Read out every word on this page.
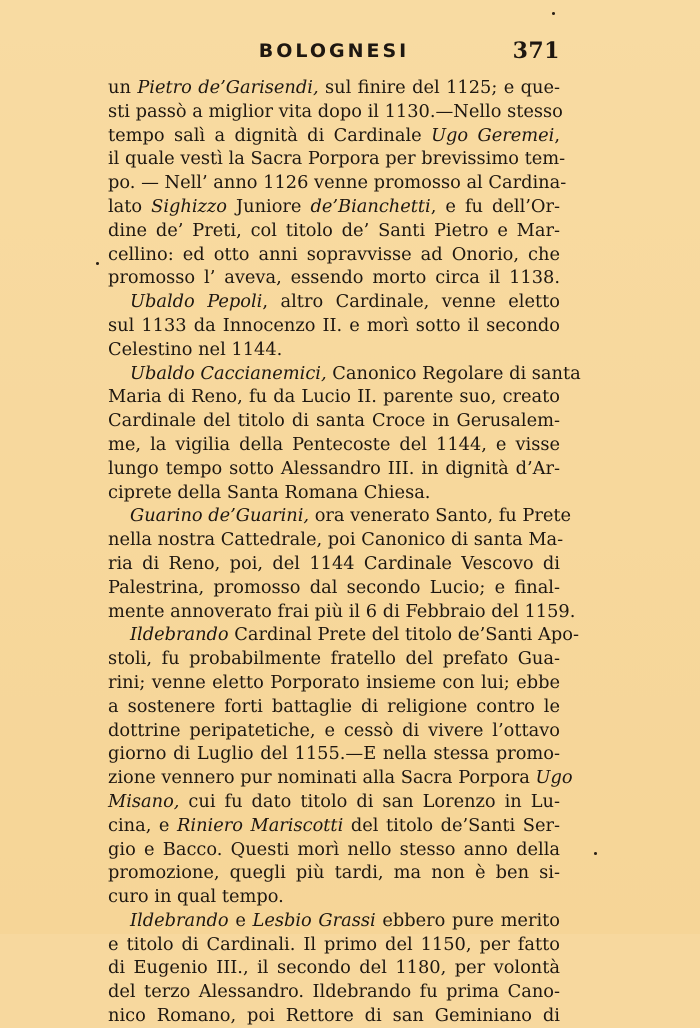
BOLOGNESI	371
un Pietro de’Garisendi, sul finire del 1125; e que-
sti passò a miglior vita dopo il 1130.—Nello stesso
tempo salì a dignità di Cardinale Ugo Geremei,
il quale vestì la Sacra Porpora per brevissimo tem-
po. — Nell’ anno 1126 venne promosso al Cardina-
lato Sighizzo Juniore de’Bianchetti, e fu dell’Or-
dine de’ Preti, col titolo de’ Santi Pietro e Mar-
cellino: ed otto anni sopravvisse ad Onorio, che
promosso l’ aveva, essendo morto circa il 1138.
Ubaldo Pepoli, altro Cardinale, venne eletto
sul 1133 da Innocenzo II. e morì sotto il secondo
Celestino nel 1144.
Ubaldo Caccianemici, Canonico Regolare di santa
Maria di Reno, fu da Lucio II. parente suo, creato
Cardinale del titolo di santa Croce in Gerusalem-
me, la vigilia della Pentecoste del 1144, e visse
lungo tempo sotto Alessandro III. in dignità d’Ar-
ciprete della Santa Romana Chiesa.
Guarino de’Guarini, ora venerato Santo, fu Prete
nella nostra Cattedrale, poi Canonico di santa Ma-
ria di Reno, poi, del 1144 Cardinale Vescovo di
Palestrina, promosso dal secondo Lucio; e final-
mente annoverato frai più il 6 di Febbraio del 1159.
Ildebrando Cardinal Prete del titolo de’Santi Apo-
stoli, fu probabilmente fratello del prefato Gua-
rini; venne eletto Porporato insieme con lui; ebbe
a sostenere forti battaglie di religione contro le
dottrine peripatetiche, e cessò di vivere l’ottavo
giorno di Luglio del 1155.—E nella stessa promo-
zione vennero pur nominati alla Sacra Porpora Ugo
Misano, cui fu dato titolo di san Lorenzo in Lu-
cina, e Riniero Mariscotti del titolo de’Santi Ser-
gio e Bacco. Questi morì nello stesso anno della
promozione, quegli più tardi, ma non è ben si-
curo in qual tempo.
Ildebrando e Lesbio Grassi ebbero pure merito
e titolo di Cardinali. Il primo del 1150, per fatto
di Eugenio III., il secondo del 1180, per volontà
del terzo Alessandro. Ildebrando fu prima Cano-
nico Romano, poi Rettore di san Geminiano di
